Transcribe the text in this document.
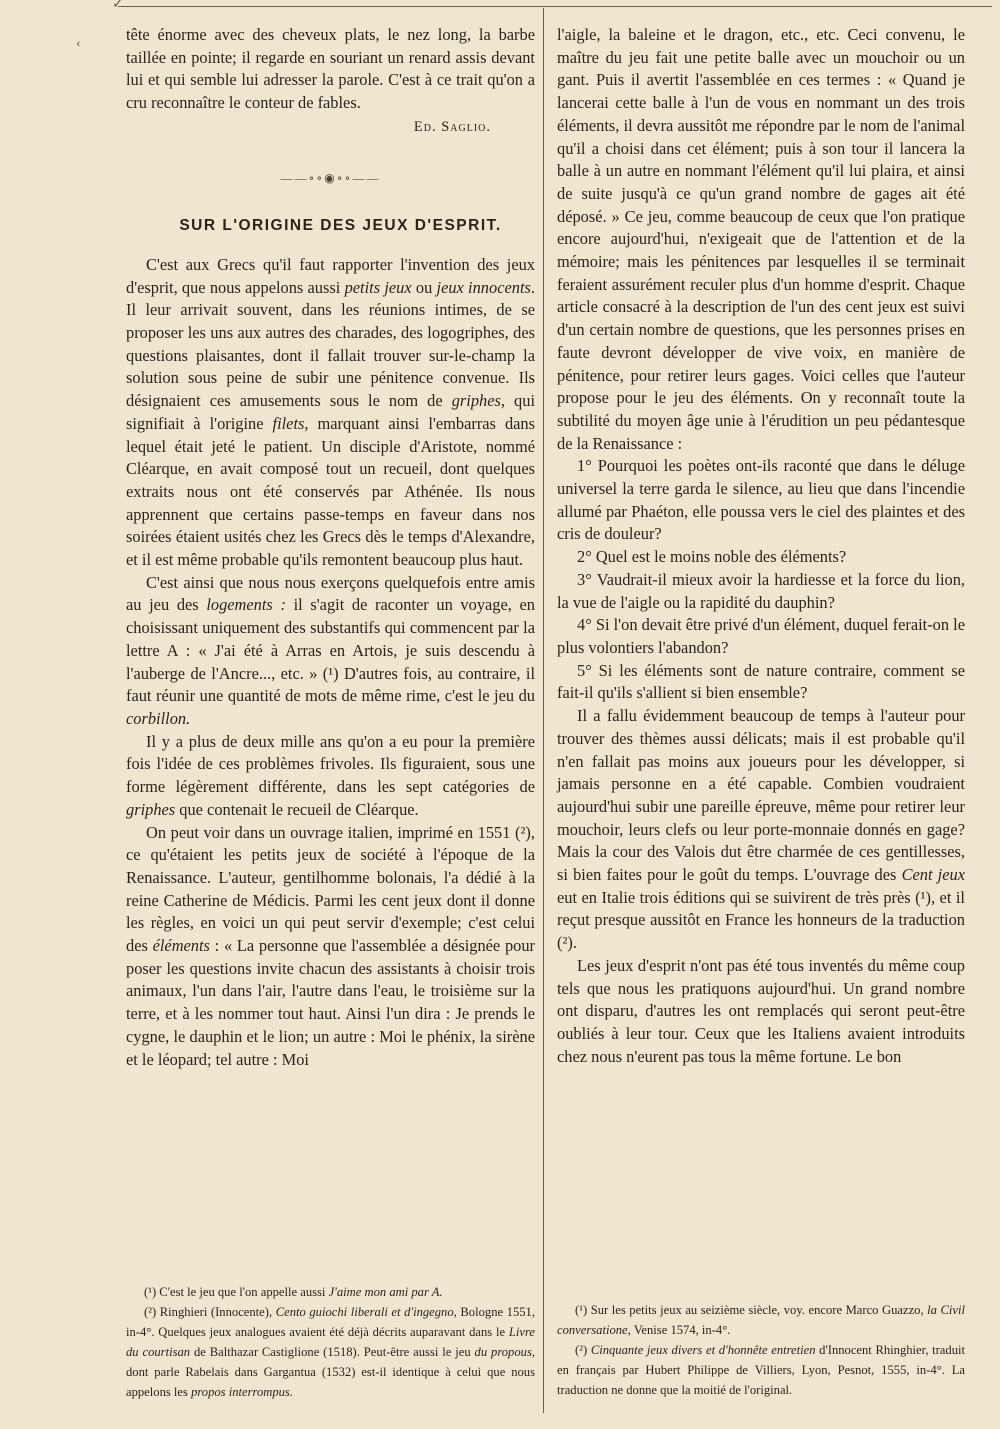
✓
‹	tête énorme avec des cheveux plats, le nez long, la barbe taillée en pointe; il regarde en souriant un renard assis devant lui et qui semble lui adresser la parole. C'est à ce trait qu'on a cru reconnaître le conteur de fables.

Ed. Saglio.
——∘∘◉∘∘——
SUR L'ORIGINE DES JEUX D'ESPRIT.

C'est aux Grecs qu'il faut rapporter l'invention des jeux d'esprit, que nous appelons aussi petits jeux ou jeux innocents. Il leur arrivait souvent, dans les réunions intimes, de se proposer les uns aux autres des charades, des logogriphes, des questions plaisantes, dont il fallait trouver sur-le-champ la solution sous peine de subir une pénitence convenue. Ils désignaient ces amusements sous le nom de griphes, qui signifiait à l'origine filets, marquant ainsi l'embarras dans lequel était jeté le patient. Un disciple d'Aristote, nommé Cléarque, en avait composé tout un recueil, dont quelques extraits nous ont été conservés par Athénée. Ils nous apprennent que certains passe-temps en faveur dans nos soirées étaient usités chez les Grecs dès le temps d'Alexandre, et il est même probable qu'ils remontent beaucoup plus haut.

C'est ainsi que nous nous exerçons quelquefois entre amis au jeu des logements : il s'agit de raconter un voyage, en choisissant uniquement des substantifs qui commencent par la lettre A : « J'ai été à Arras en Artois, je suis descendu à l'auberge de l'Ancre..., etc. » (¹) D'autres fois, au contraire, il faut réunir une quantité de mots de même rime, c'est le jeu du corbillon.

Il y a plus de deux mille ans qu'on a eu pour la première fois l'idée de ces problèmes frivoles. Ils figuraient, sous une forme légèrement différente, dans les sept catégories de griphes que contenait le recueil de Cléarque.

On peut voir dans un ouvrage italien, imprimé en 1551 (²), ce qu'étaient les petits jeux de société à l'époque de la Renaissance. L'auteur, gentilhomme bolonais, l'a dédié à la reine Catherine de Médicis. Parmi les cent jeux dont il donne les règles, en voici un qui peut servir d'exemple; c'est celui des éléments : « La personne que l'assemblée a désignée pour poser les questions invite chacun des assistants à choisir trois animaux, l'un dans l'air, l'autre dans l'eau, le troisième sur la terre, et à les nommer tout haut. Ainsi l'un dira : Je prends le cygne, le dauphin et le lion; un autre : Moi le phénix, la sirène et le léopard; tel autre : Moi

(¹) C'est le jeu que l'on appelle aussi J'aime mon ami par A.

(²) Ringhieri (Innocente), Cento guiochi liberali et d'ingegno, Bologne 1551, in-4°. Quelques jeux analogues avaient été déjà décrits auparavant dans le Livre du courtisan de Balthazar Castiglione (1518). Peut-être aussi le jeu du propous, dont parle Rabelais dans Gargantua (1532) est-il identique à celui que nous appelons les propos interrompus.

l'aigle, la baleine et le dragon, etc., etc. Ceci convenu, le maître du jeu fait une petite balle avec un mouchoir ou un gant. Puis il avertit l'assemblée en ces termes : « Quand je lancerai cette balle à l'un de vous en nommant un des trois éléments, il devra aussitôt me répondre par le nom de l'animal qu'il a choisi dans cet élément; puis à son tour il lancera la balle à un autre en nommant l'élément qu'il lui plaira, et ainsi de suite jusqu'à ce qu'un grand nombre de gages ait été déposé. » Ce jeu, comme beaucoup de ceux que l'on pratique encore aujourd'hui, n'exigeait que de l'attention et de la mémoire; mais les pénitences par lesquelles il se terminait feraient assurément reculer plus d'un homme d'esprit. Chaque article consacré à la description de l'un des cent jeux est suivi d'un certain nombre de questions, que les personnes prises en faute devront développer de vive voix, en manière de pénitence, pour retirer leurs gages. Voici celles que l'auteur propose pour le jeu des éléments. On y reconnaît toute la subtilité du moyen âge unie à l'érudition un peu pédantesque de la Renaissance :

1° Pourquoi les poètes ont-ils raconté que dans le déluge universel la terre garda le silence, au lieu que dans l'incendie allumé par Phaéton, elle poussa vers le ciel des plaintes et des cris de douleur?

2° Quel est le moins noble des éléments?

3° Vaudrait-il mieux avoir la hardiesse et la force du lion, la vue de l'aigle ou la rapidité du dauphin?

4° Si l'on devait être privé d'un élément, duquel ferait-on le plus volontiers l'abandon?

5° Si les éléments sont de nature contraire, comment se fait-il qu'ils s'allient si bien ensemble?

Il a fallu évidemment beaucoup de temps à l'auteur pour trouver des thèmes aussi délicats; mais il est probable qu'il n'en fallait pas moins aux joueurs pour les développer, si jamais personne en a été capable. Combien voudraient aujourd'hui subir une pareille épreuve, même pour retirer leur mouchoir, leurs clefs ou leur porte-monnaie donnés en gage? Mais la cour des Valois dut être charmée de ces gentillesses, si bien faites pour le goût du temps. L'ouvrage des Cent jeux eut en Italie trois éditions qui se suivirent de très près (¹), et il reçut presque aussitôt en France les honneurs de la traduction (²).

Les jeux d'esprit n'ont pas été tous inventés du même coup tels que nous les pratiquons aujourd'hui. Un grand nombre ont disparu, d'autres les ont remplacés qui seront peut-être oubliés à leur tour. Ceux que les Italiens avaient introduits chez nous n'eurent pas tous la même fortune. Le bon

(¹) Sur les petits jeux au seizième siècle, voy. encore Marco Guazzo, la Civil conversatione, Venise 1574, in-4°.

(²) Cinquante jeux divers et d'honnête entretien d'Innocent Rhinghier, traduit en français par Hubert Philippe de Villiers, Lyon, Pesnot, 1555, in-4°. La traduction ne donne que la moitié de l'original.
